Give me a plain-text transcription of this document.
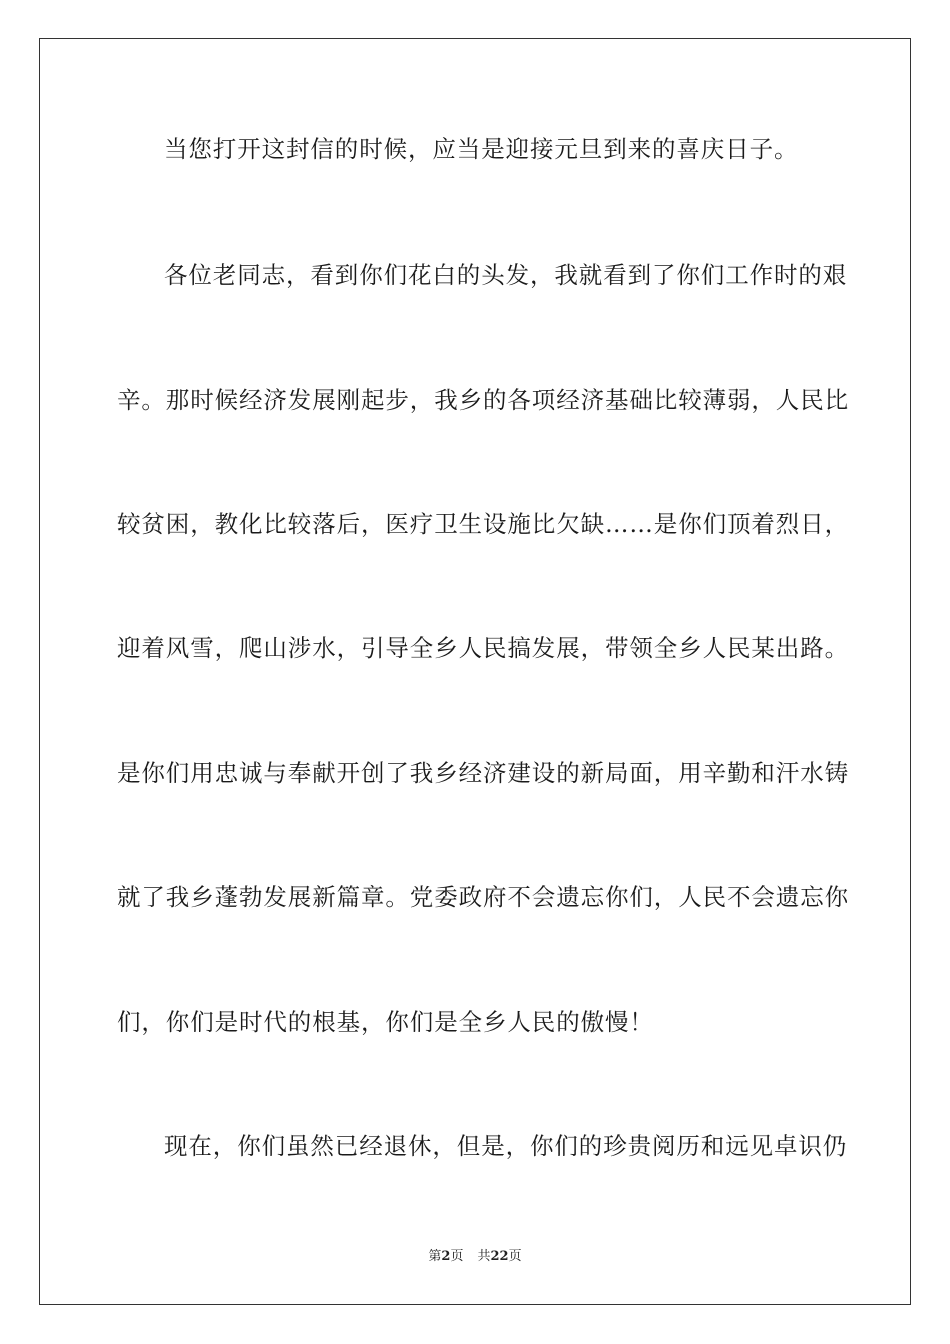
当您打开这封信的时候，应当是迎接元旦到来的喜庆日子。
各位老同志，看到你们花白的头发，我就看到了你们工作时的艰
辛。那时候经济发展刚起步，我乡的各项经济基础比较薄弱，人民比
较贫困，教化比较落后，医疗卫生设施比欠缺……是你们顶着烈日，
迎着风雪，爬山涉水，引导全乡人民搞发展，带领全乡人民某出路。
是你们用忠诚与奉献开创了我乡经济建设的新局面，用辛勤和汗水铸
就了我乡蓬勃发展新篇章。党委政府不会遗忘你们，人民不会遗忘你
们，你们是时代的根基，你们是全乡人民的傲慢！
现在，你们虽然已经退休，但是，你们的珍贵阅历和远见卓识仍
第2页 共22页
